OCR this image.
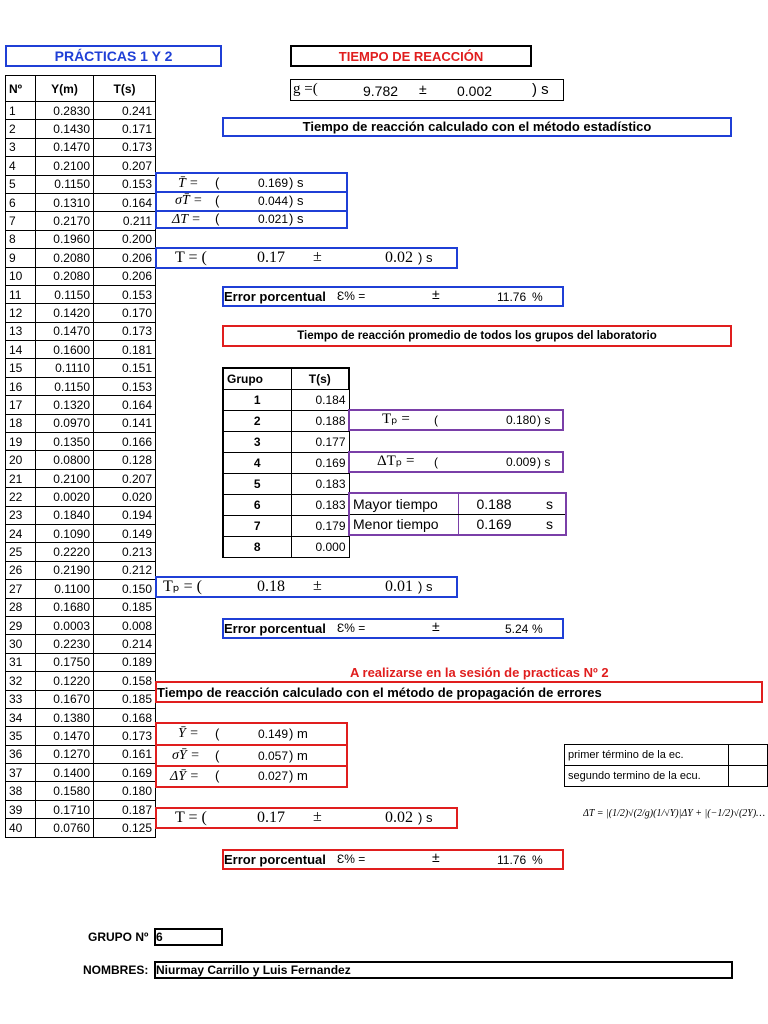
PRÁCTICAS 1 Y 2	TIEMPO DE REACCIÓN
g =(	9.782 ± 0.002	) s
Nº	Y(m)	T(s)
1	0.2830	0.241
2	0.1430	0.171
3	0.1470	0.173
4	0.2100	0.207
5	0.1150	0.153
6	0.1310	0.164
7	0.2170	0.211
8	0.1960	0.200
9	0.2080	0.206
10	0.2080	0.206
11	0.1150	0.153
12	0.1420	0.170
13	0.1470	0.173
14	0.1600	0.181
15	0.1110	0.151
16	0.1150	0.153
17	0.1320	0.164
18	0.0970	0.141
19	0.1350	0.166
20	0.0800	0.128
21	0.2100	0.207
22	0.0020	0.020
23	0.1840	0.194
24	0.1090	0.149
25	0.2220	0.213
26	0.2190	0.212
27	0.1100	0.150
28	0.1680	0.185
29	0.0003	0.008
30	0.2230	0.214
31	0.1750	0.189
32	0.1220	0.158
33	0.1670	0.185
34	0.1380	0.168
35	0.1470	0.173
36	0.1270	0.161
37	0.1400	0.169
38	0.1580	0.180
39	0.1710	0.187
40	0.0760	0.125
Tiempo de reacción calculado con el método estadístico
T̄ = (	0.169 ) s
σT̄ = (	0.044 ) s
ΔT = (	0.021 ) s
T = (	0.17 ±	0.02 ) s
Error porcentual Ɛ% =	±	11.76 %
Tiempo de reacción promedio de todos los grupos del laboratorio
Grupo	T(s)
1	0.184
2	0.188
3	0.177
4	0.169
5	0.183
6	0.183
7	0.179
8	0.000
Tₚ = (	0.180 ) s
ΔTₚ = (	0.009 ) s
Mayor tiempo	0.188	s
Menor tiempo	0.169	s
Tₚ = (	0.18 ±	0.01 ) s
Error porcentual Ɛ% =	±	5.24 %
A realizarse en la sesión de practicas Nº 2
Tiempo de reacción calculado con el método de propagación de errores
Ȳ = (	0.149 ) m
σȲ = (	0.057 ) m
ΔȲ = (	0.027 ) m
primer término de la ec.	
segundo termino de la ecu.	
ΔT = |(1/2)√(2/g)(1/√Ȳ)|ΔY + |(−1/2)√(2Ȳ)…
T = (	0.17 ±	0.02 ) s
Error porcentual Ɛ% =	±	11.76 %
GRUPO Nº 6
NOMBRES: Niurmay Carrillo y Luis Fernandez
